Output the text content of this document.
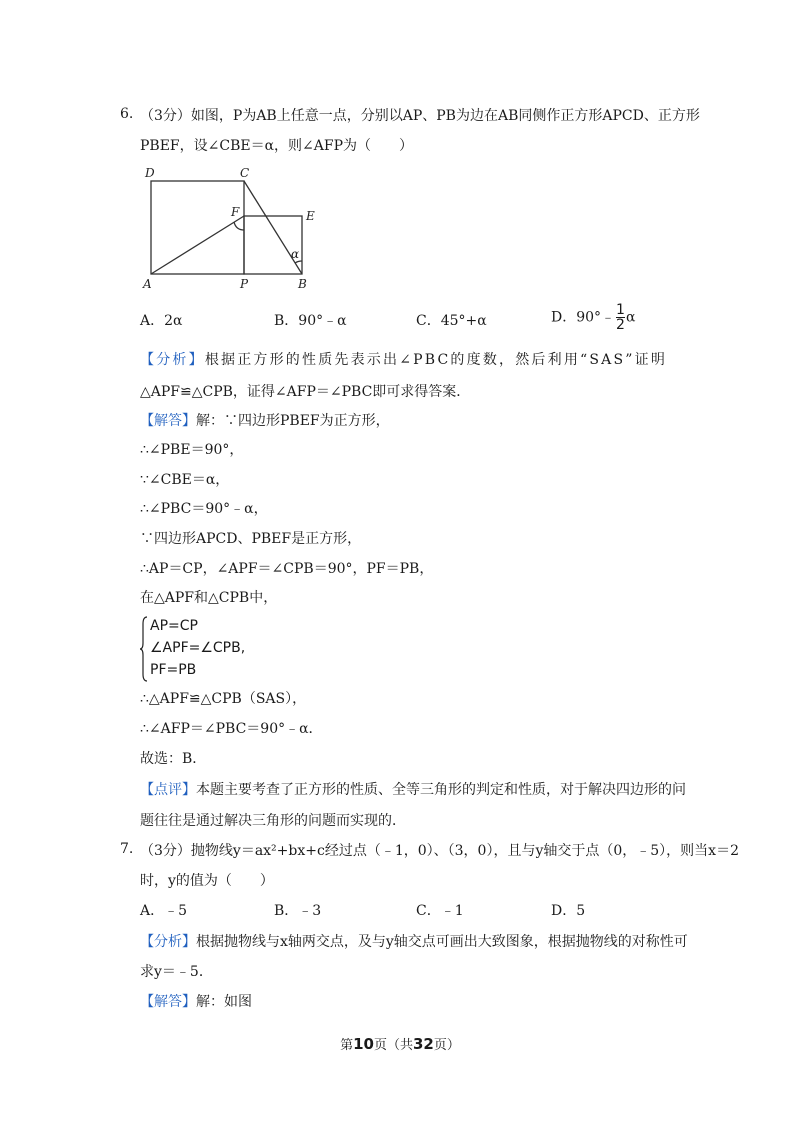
6. （3分）如图，P为AB上任意一点，分别以AP、PB为边在AB同侧作正方形APCD、正方形
PBEF，设∠CBE＝α，则∠AFP为（　　）
D	C
F	E
A	P	B
α
A．2α	B．90°﹣α	C．45°+α	D．90°﹣ $\frac{1}{2}$ α
【分析】根据正方形的性质先表示出∠PBC的度数，然后利用“SAS”证明
△APF≌△CPB，证得∠AFP＝∠PBC即可求得答案．
【解答】解：∵四边形PBEF为正方形，
∴∠PBE＝90°，
∵∠CBE＝α，
∴∠PBC＝90°﹣α，
∵四边形APCD、PBEF是正方形，
∴AP＝CP，∠APF＝∠CPB＝90°，PF＝PB，
在△APF和△CPB中，
AP=CP
∠APF=∠CPB,
PF=PB
∴△APF≌△CPB（SAS），
∴∠AFP＝∠PBC＝90°﹣α．
故选：B．
【点评】本题主要考查了正方形的性质、全等三角形的判定和性质，对于解决四边形的问
题往往是通过解决三角形的问题而实现的．
7. （3分）抛物线y＝ax²+bx+c经过点（﹣1，0）、（3，0），且与y轴交于点（0，﹣5），则当x＝2
时，y的值为（　　）
A．﹣5	B．﹣3	C．﹣1	D．5
【分析】根据抛物线与x轴两交点，及与y轴交点可画出大致图象，根据抛物线的对称性可
求y＝﹣5．
【解答】解：如图
第10页（共32页）
